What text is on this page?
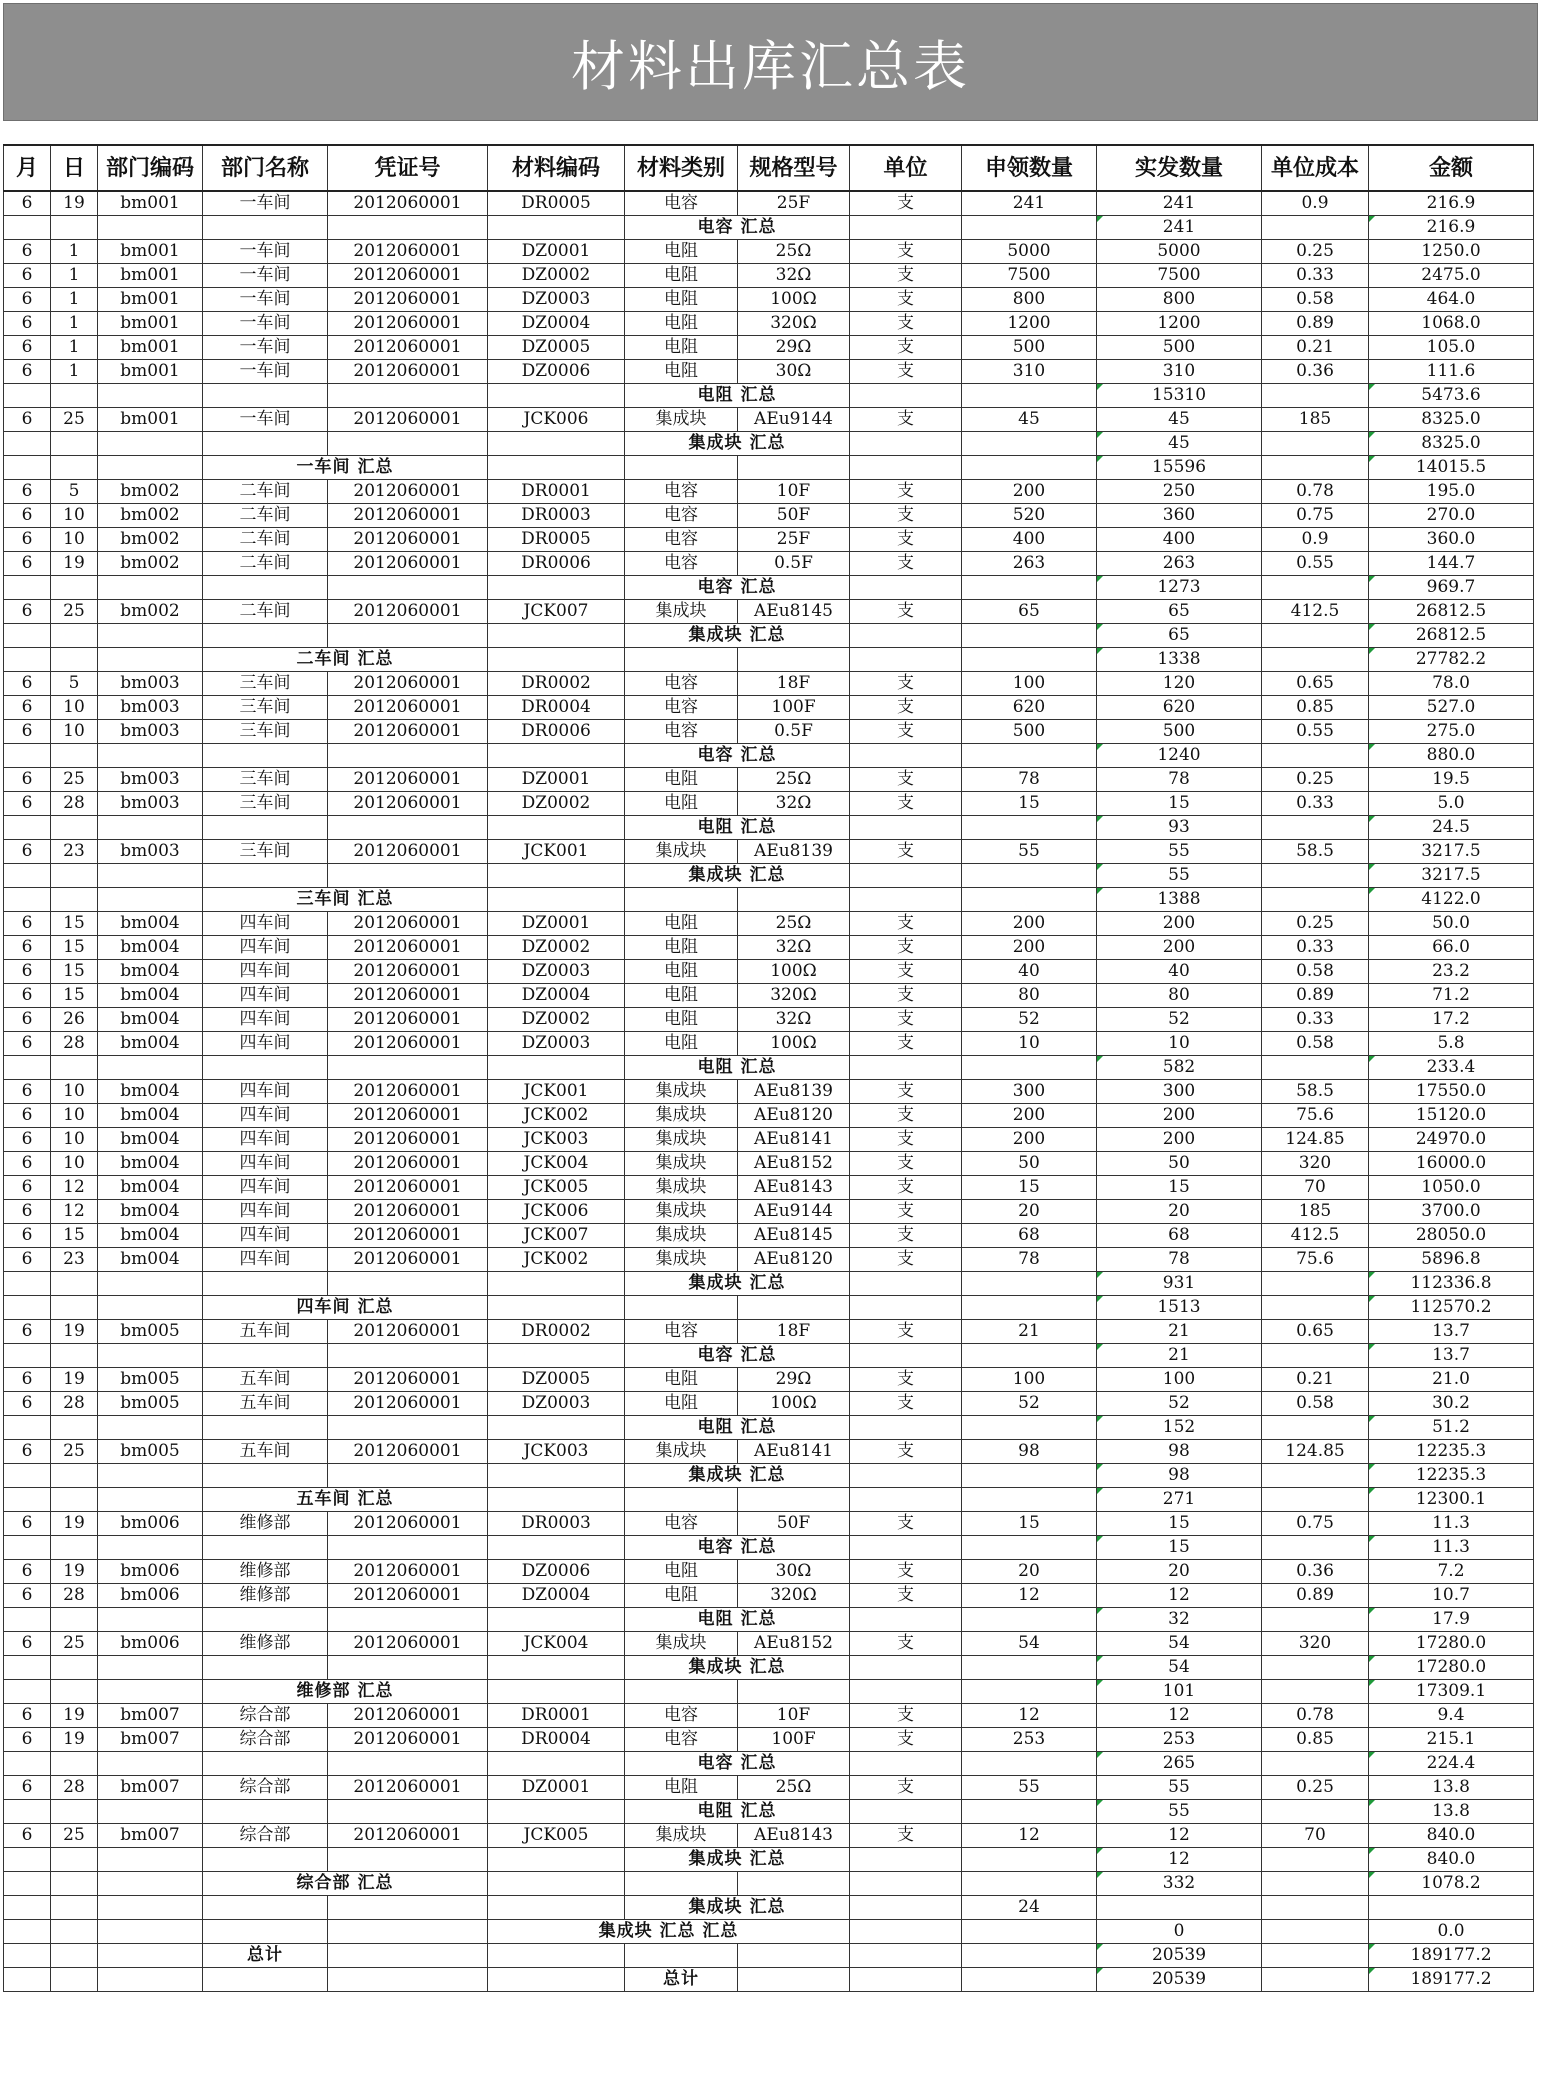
材料出库汇总表
月	日	部门编码	部门名称	凭证号	材料编码	材料类别	规格型号	单位	申领数量	实发数量	单位成本	金额
6	19	bm001	一车间	2012060001	DR0005	电容	25F	支	241	241	0.9	216.9
						电容 汇总				241		216.9
6	1	bm001	一车间	2012060001	DZ0001	电阻	25Ω	支	5000	5000	0.25	1250.0
6	1	bm001	一车间	2012060001	DZ0002	电阻	32Ω	支	7500	7500	0.33	2475.0
6	1	bm001	一车间	2012060001	DZ0003	电阻	100Ω	支	800	800	0.58	464.0
6	1	bm001	一车间	2012060001	DZ0004	电阻	320Ω	支	1200	1200	0.89	1068.0
6	1	bm001	一车间	2012060001	DZ0005	电阻	29Ω	支	500	500	0.21	105.0
6	1	bm001	一车间	2012060001	DZ0006	电阻	30Ω	支	310	310	0.36	111.6
						电阻 汇总				15310		5473.6
6	25	bm001	一车间	2012060001	JCK006	集成块	AEu9144	支	45	45	185	8325.0
						集成块 汇总				45		8325.0
			一车间 汇总							15596		14015.5
6	5	bm002	二车间	2012060001	DR0001	电容	10F	支	200	250	0.78	195.0
6	10	bm002	二车间	2012060001	DR0003	电容	50F	支	520	360	0.75	270.0
6	10	bm002	二车间	2012060001	DR0005	电容	25F	支	400	400	0.9	360.0
6	19	bm002	二车间	2012060001	DR0006	电容	0.5F	支	263	263	0.55	144.7
						电容 汇总				1273		969.7
6	25	bm002	二车间	2012060001	JCK007	集成块	AEu8145	支	65	65	412.5	26812.5
						集成块 汇总				65		26812.5
			二车间 汇总							1338		27782.2
6	5	bm003	三车间	2012060001	DR0002	电容	18F	支	100	120	0.65	78.0
6	10	bm003	三车间	2012060001	DR0004	电容	100F	支	620	620	0.85	527.0
6	10	bm003	三车间	2012060001	DR0006	电容	0.5F	支	500	500	0.55	275.0
						电容 汇总				1240		880.0
6	25	bm003	三车间	2012060001	DZ0001	电阻	25Ω	支	78	78	0.25	19.5
6	28	bm003	三车间	2012060001	DZ0002	电阻	32Ω	支	15	15	0.33	5.0
						电阻 汇总				93		24.5
6	23	bm003	三车间	2012060001	JCK001	集成块	AEu8139	支	55	55	58.5	3217.5
						集成块 汇总				55		3217.5
			三车间 汇总							1388		4122.0
6	15	bm004	四车间	2012060001	DZ0001	电阻	25Ω	支	200	200	0.25	50.0
6	15	bm004	四车间	2012060001	DZ0002	电阻	32Ω	支	200	200	0.33	66.0
6	15	bm004	四车间	2012060001	DZ0003	电阻	100Ω	支	40	40	0.58	23.2
6	15	bm004	四车间	2012060001	DZ0004	电阻	320Ω	支	80	80	0.89	71.2
6	26	bm004	四车间	2012060001	DZ0002	电阻	32Ω	支	52	52	0.33	17.2
6	28	bm004	四车间	2012060001	DZ0003	电阻	100Ω	支	10	10	0.58	5.8
						电阻 汇总				582		233.4
6	10	bm004	四车间	2012060001	JCK001	集成块	AEu8139	支	300	300	58.5	17550.0
6	10	bm004	四车间	2012060001	JCK002	集成块	AEu8120	支	200	200	75.6	15120.0
6	10	bm004	四车间	2012060001	JCK003	集成块	AEu8141	支	200	200	124.85	24970.0
6	10	bm004	四车间	2012060001	JCK004	集成块	AEu8152	支	50	50	320	16000.0
6	12	bm004	四车间	2012060001	JCK005	集成块	AEu8143	支	15	15	70	1050.0
6	12	bm004	四车间	2012060001	JCK006	集成块	AEu9144	支	20	20	185	3700.0
6	15	bm004	四车间	2012060001	JCK007	集成块	AEu8145	支	68	68	412.5	28050.0
6	23	bm004	四车间	2012060001	JCK002	集成块	AEu8120	支	78	78	75.6	5896.8
						集成块 汇总				931		112336.8
			四车间 汇总							1513		112570.2
6	19	bm005	五车间	2012060001	DR0002	电容	18F	支	21	21	0.65	13.7
						电容 汇总				21		13.7
6	19	bm005	五车间	2012060001	DZ0005	电阻	29Ω	支	100	100	0.21	21.0
6	28	bm005	五车间	2012060001	DZ0003	电阻	100Ω	支	52	52	0.58	30.2
						电阻 汇总				152		51.2
6	25	bm005	五车间	2012060001	JCK003	集成块	AEu8141	支	98	98	124.85	12235.3
						集成块 汇总				98		12235.3
			五车间 汇总							271		12300.1
6	19	bm006	维修部	2012060001	DR0003	电容	50F	支	15	15	0.75	11.3
						电容 汇总				15		11.3
6	19	bm006	维修部	2012060001	DZ0006	电阻	30Ω	支	20	20	0.36	7.2
6	28	bm006	维修部	2012060001	DZ0004	电阻	320Ω	支	12	12	0.89	10.7
						电阻 汇总				32		17.9
6	25	bm006	维修部	2012060001	JCK004	集成块	AEu8152	支	54	54	320	17280.0
						集成块 汇总				54		17280.0
			维修部 汇总							101		17309.1
6	19	bm007	综合部	2012060001	DR0001	电容	10F	支	12	12	0.78	9.4
6	19	bm007	综合部	2012060001	DR0004	电容	100F	支	253	253	0.85	215.1
						电容 汇总				265		224.4
6	28	bm007	综合部	2012060001	DZ0001	电阻	25Ω	支	55	55	0.25	13.8
						电阻 汇总				55		13.8
6	25	bm007	综合部	2012060001	JCK005	集成块	AEu8143	支	12	12	70	840.0
						集成块 汇总				12		840.0
			综合部 汇总							332		1078.2
						集成块 汇总			24			
					集成块 汇总 汇总					0		0.0
			总计							20539		189177.2
						总计				20539		189177.2
